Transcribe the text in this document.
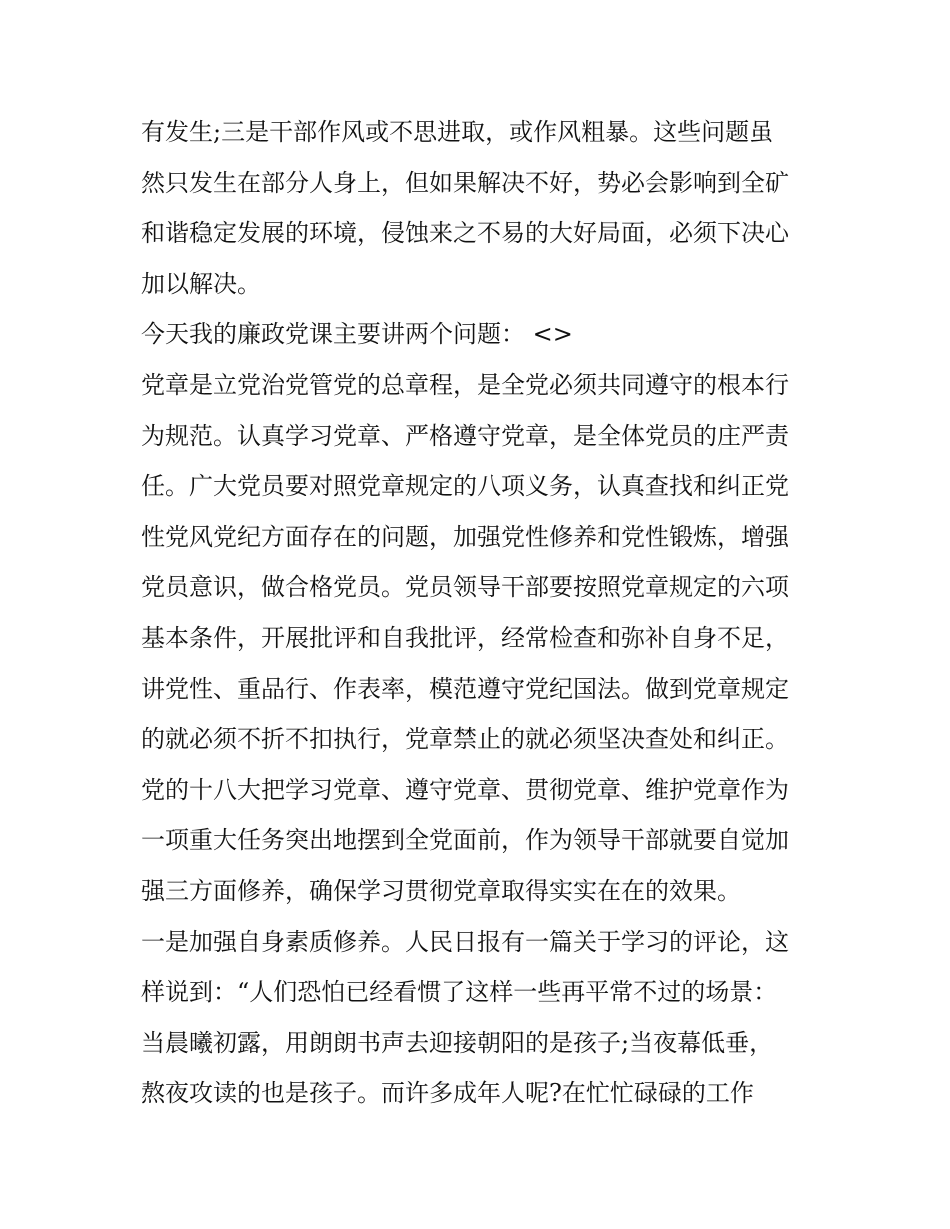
有发生;三是干部作风或不思进取，或作风粗暴。这些问题虽
然只发生在部分人身上，但如果解决不好，势必会影响到全矿
和谐稳定发展的环境，侵蚀来之不易的大好局面，必须下决心
加以解决。
今天我的廉政党课主要讲两个问题： <>
党章是立党治党管党的总章程，是全党必须共同遵守的根本行
为规范。认真学习党章、严格遵守党章，是全体党员的庄严责
任。广大党员要对照党章规定的八项义务，认真查找和纠正党
性党风党纪方面存在的问题，加强党性修养和党性锻炼，增强
党员意识，做合格党员。党员领导干部要按照党章规定的六项
基本条件，开展批评和自我批评，经常检查和弥补自身不足，
讲党性、重品行、作表率，模范遵守党纪国法。做到党章规定
的就必须不折不扣执行，党章禁止的就必须坚决查处和纠正。
党的十八大把学习党章、遵守党章、贯彻党章、维护党章作为
一项重大任务突出地摆到全党面前，作为领导干部就要自觉加
强三方面修养，确保学习贯彻党章取得实实在在的效果。
一是加强自身素质修养。人民日报有一篇关于学习的评论，这
样说到：“人们恐怕已经看惯了这样一些再平常不过的场景：
当晨曦初露，用朗朗书声去迎接朝阳的是孩子;当夜幕低垂，
熬夜攻读的也是孩子。而许多成年人呢?在忙忙碌碌的工作
